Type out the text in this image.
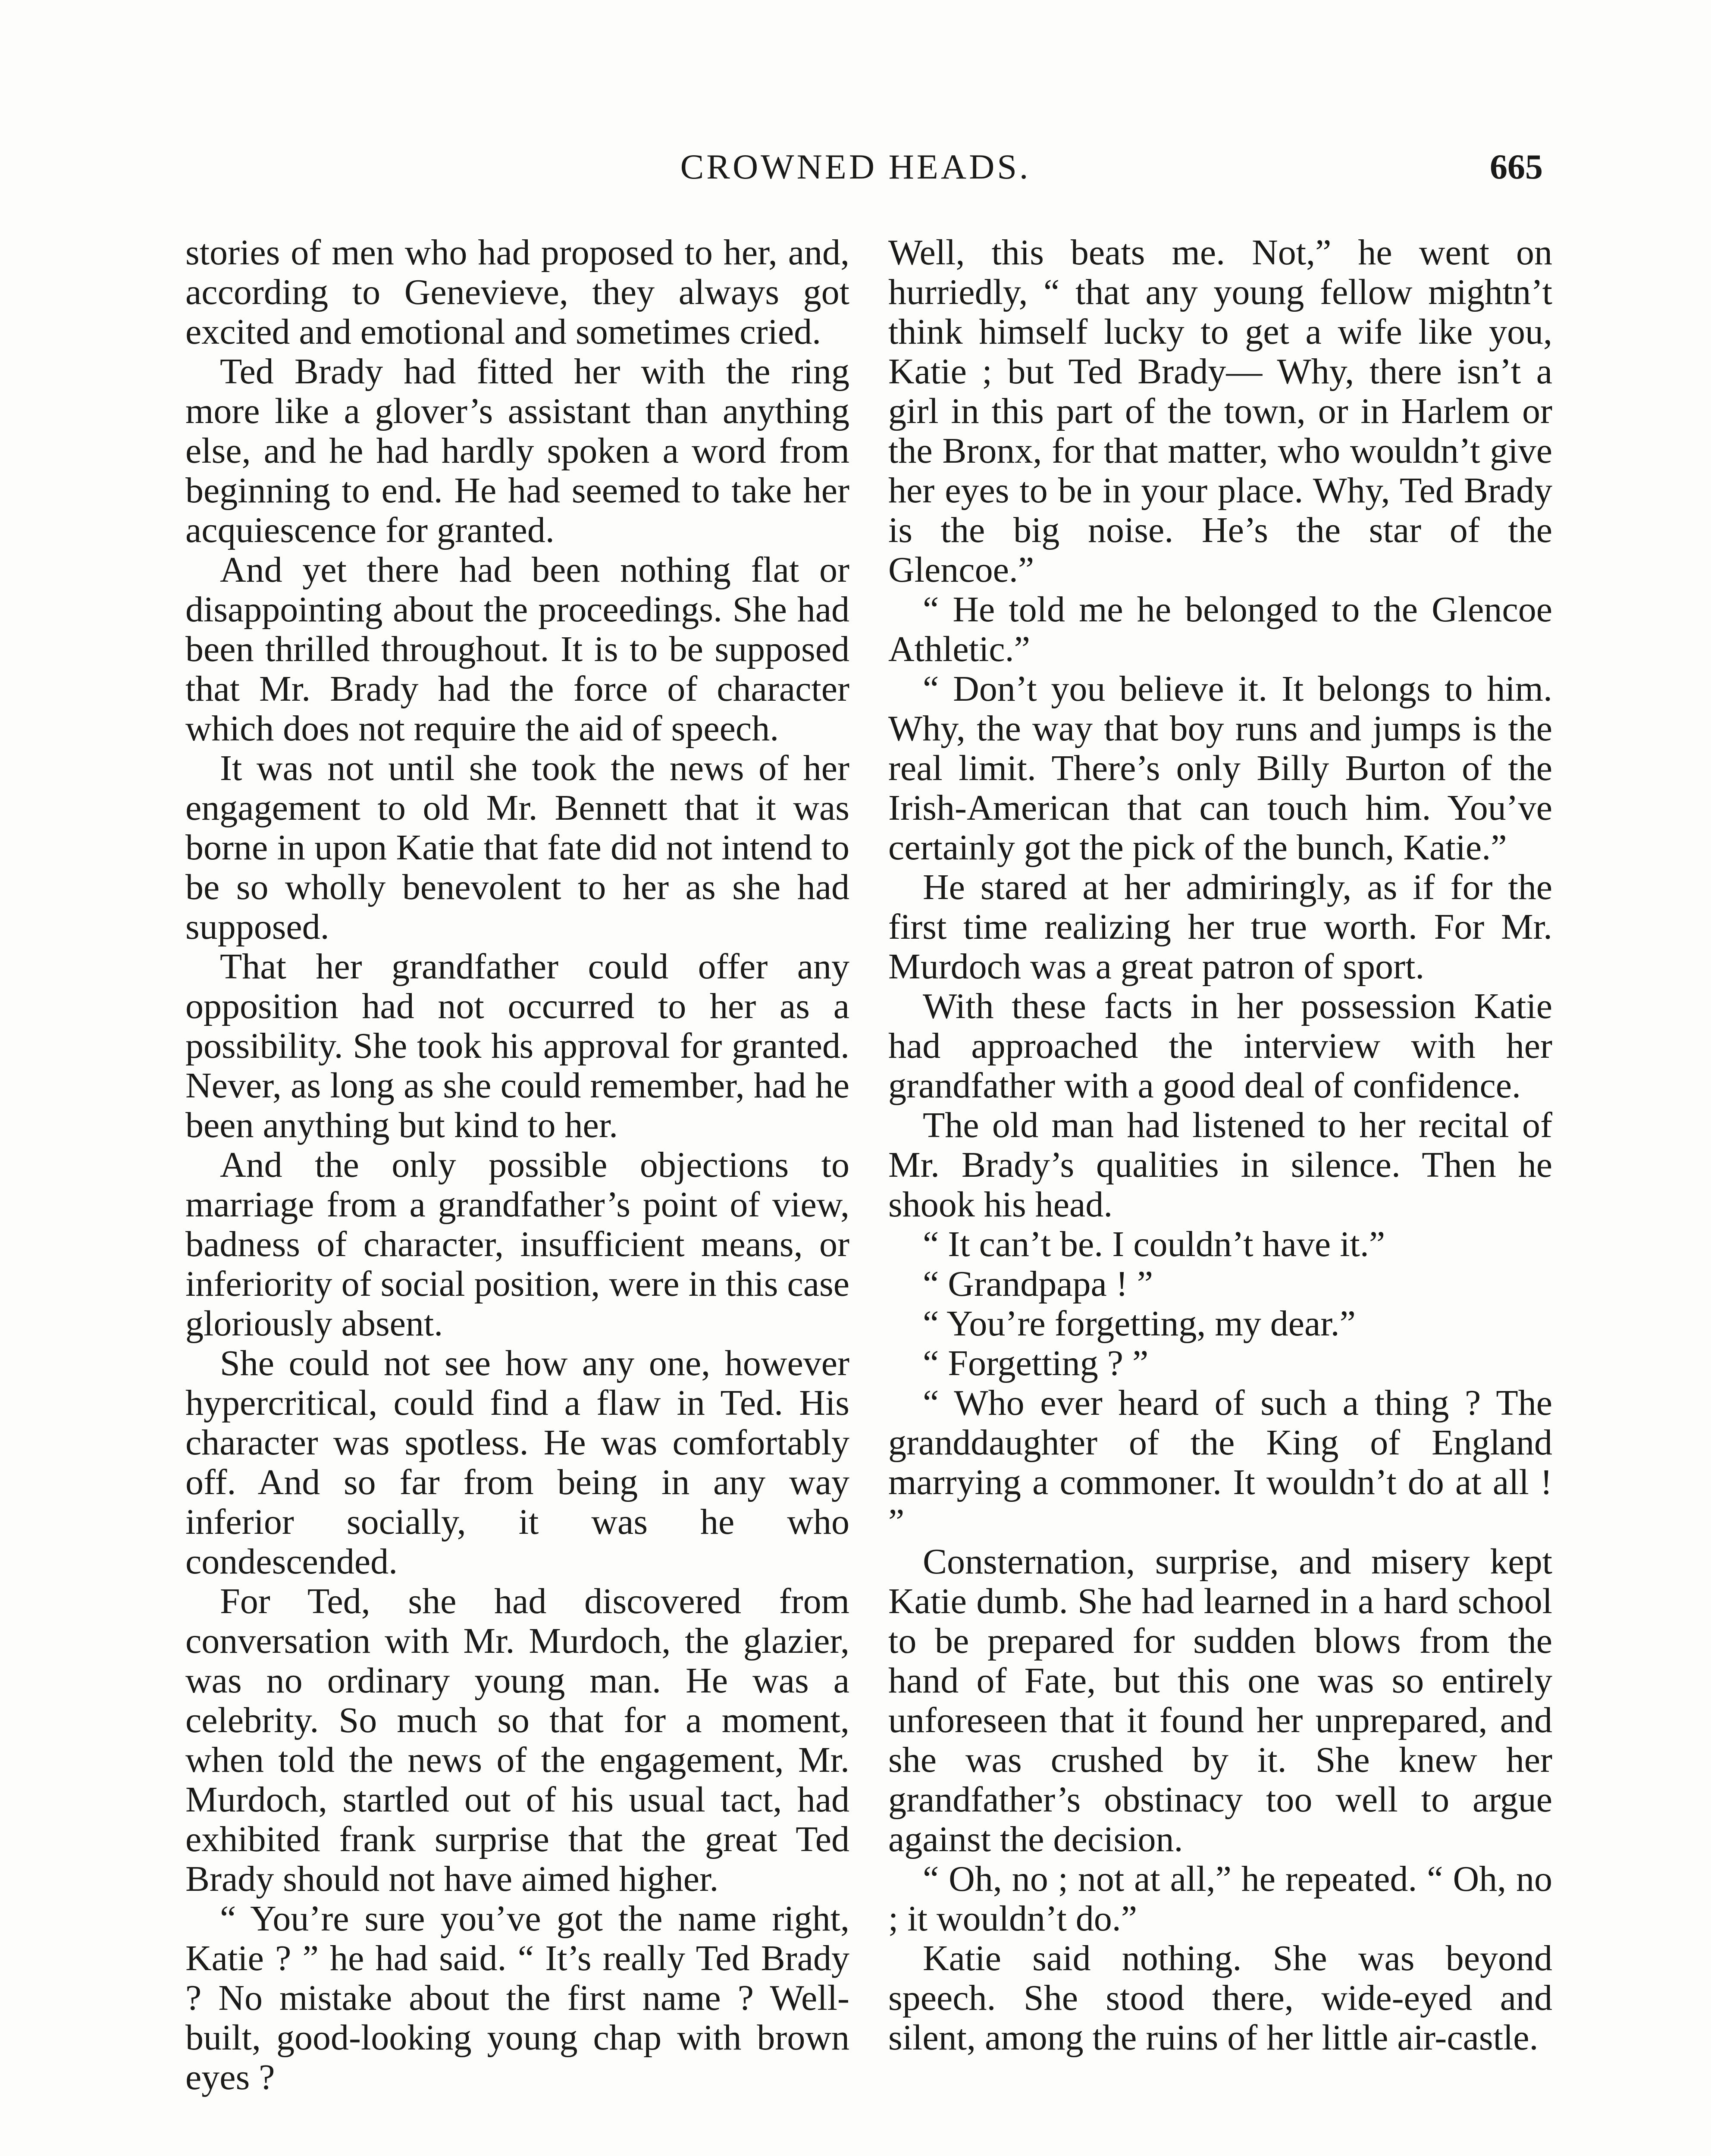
CROWNED HEADS.	665

stories of men who had proposed to her, and, according to Genevieve, they always got excited and emotional and sometimes cried.

Ted Brady had fitted her with the ring more like a glover’s assistant than anything else, and he had hardly spoken a word from beginning to end. He had seemed to take her acquiescence for granted.

And yet there had been nothing flat or disappointing about the proceedings. She had been thrilled throughout. It is to be supposed that Mr. Brady had the force of character which does not require the aid of speech.

It was not until she took the news of her engagement to old Mr. Bennett that it was borne in upon Katie that fate did not intend to be so wholly benevolent to her as she had supposed.

That her grandfather could offer any opposition had not occurred to her as a possibility. She took his approval for granted. Never, as long as she could remember, had he been anything but kind to her.

And the only possible objections to marriage from a grandfather’s point of view, badness of character, insufficient means, or inferiority of social position, were in this case gloriously absent.

She could not see how any one, however hypercritical, could find a flaw in Ted. His character was spotless. He was comfortably off. And so far from being in any way inferior socially, it was he who condescended.

For Ted, she had discovered from conversation with Mr. Murdoch, the glazier, was no ordinary young man. He was a celebrity. So much so that for a moment, when told the news of the engagement, Mr. Murdoch, startled out of his usual tact, had exhibited frank surprise that the great Ted Brady should not have aimed higher.

“ You’re sure you’ve got the name right, Katie ? ” he had said. “ It’s really Ted Brady ? No mistake about the first name ? Well-built, good-looking young chap with brown eyes ?

Well, this beats me. Not,” he went on hurriedly, “ that any young fellow mightn’t think himself lucky to get a wife like you, Katie ; but Ted Brady— Why, there isn’t a girl in this part of the town, or in Harlem or the Bronx, for that matter, who wouldn’t give her eyes to be in your place. Why, Ted Brady is the big noise. He’s the star of the Glencoe.”

“ He told me he belonged to the Glencoe Athletic.”

“ Don’t you believe it. It belongs to him. Why, the way that boy runs and jumps is the real limit. There’s only Billy Burton of the Irish-American that can touch him. You’ve certainly got the pick of the bunch, Katie.”

He stared at her admiringly, as if for the first time realizing her true worth. For Mr. Murdoch was a great patron of sport.

With these facts in her possession Katie had approached the interview with her grandfather with a good deal of confidence.

The old man had listened to her recital of Mr. Brady’s qualities in silence. Then he shook his head.

“ It can’t be. I couldn’t have it.”

“ Grandpapa ! ”

“ You’re forgetting, my dear.”

“ Forgetting ? ”

“ Who ever heard of such a thing ? The granddaughter of the King of England marrying a commoner. It wouldn’t do at all ! ”

Consternation, surprise, and misery kept Katie dumb. She had learned in a hard school to be prepared for sudden blows from the hand of Fate, but this one was so entirely unforeseen that it found her unprepared, and she was crushed by it. She knew her grandfather’s obstinacy too well to argue against the decision.

“ Oh, no ; not at all,” he repeated. “ Oh, no ; it wouldn’t do.”

Katie said nothing. She was beyond speech. She stood there, wide-eyed and silent, among the ruins of her little air-castle.
